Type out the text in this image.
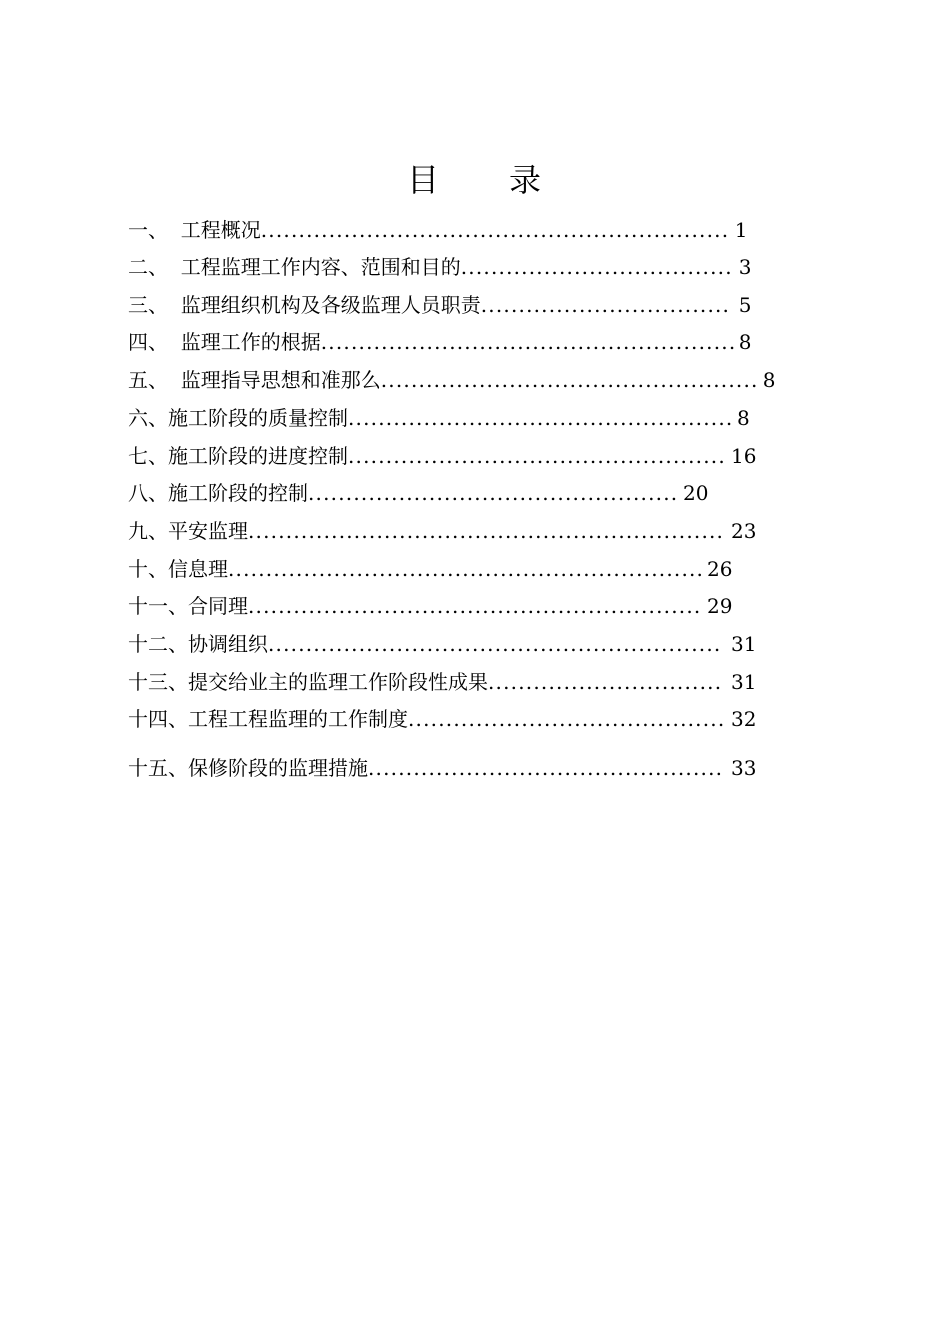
目　　录
一、  工程概况.............................................................. 1
二、  工程监理工作内容、范围和目的.................................... 3
三、  监理组织机构及各级监理人员职责................................. 5
四、  监理工作的根据....................................................... 8
五、  监理指导思想和准那么.................................................. 8
六、施工阶段的质量控制................................................... 8
七、施工阶段的进度控制.................................................. 16
八、施工阶段的控制................................................. 20
九、平安监理...............................................................23
十、信息理............................................................... 26
十一、合同理............................................................ 29
十二、协调组织............................................................ 31
十三、提交给业主的监理工作阶段性成果............................... 31
十四、工程工程监理的工作制度.......................................... 32
十五、保修阶段的监理措施...............................................33
